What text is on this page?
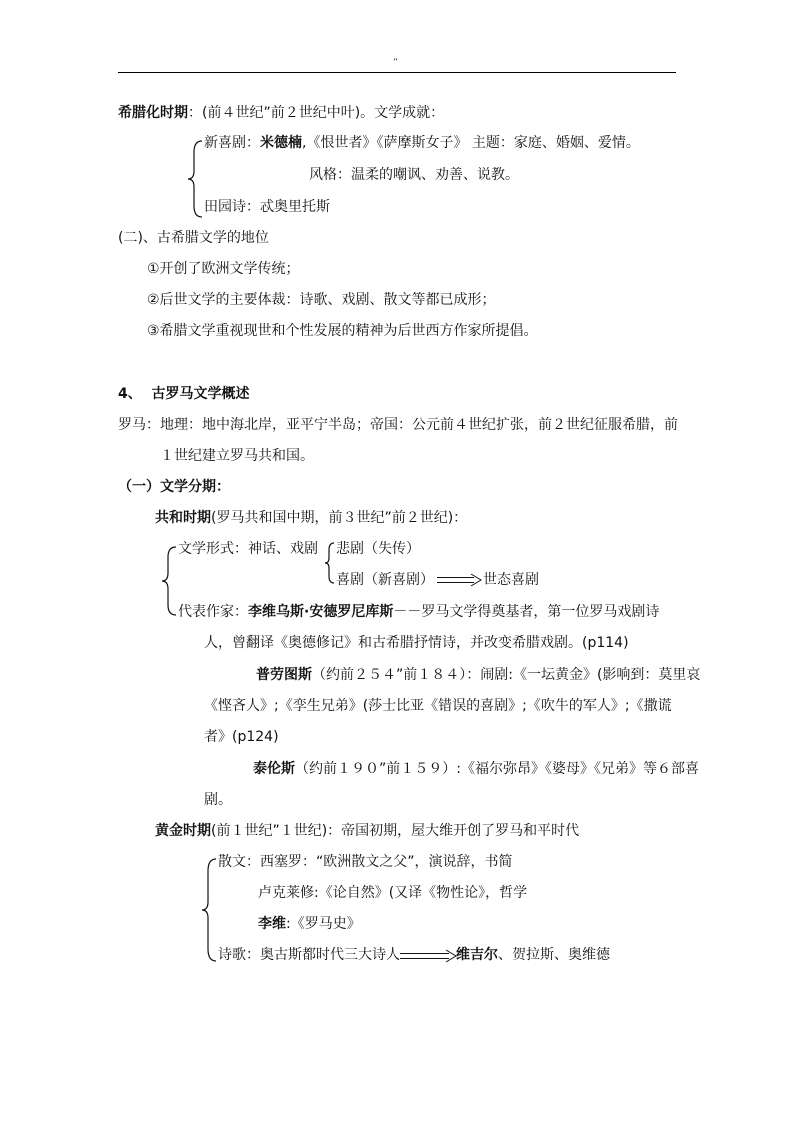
“
希腊化时期：(前４世纪”前２世纪中叶)。文学成就：
新喜剧：米德楠,《恨世者》《萨摩斯女子》 主题：家庭、婚姻、爱情。
风格：温柔的嘲讽、劝善、说教。
田园诗：忒奥里托斯
(二)、古希腊文学的地位
①开创了欧洲文学传统；
②后世文学的主要体裁：诗歌、戏剧、散文等都已成形；
③希腊文学重视现世和个性发展的精神为后世西方作家所提倡。
4、 古罗马文学概述
罗马：地理：地中海北岸，亚平宁半岛；帝国：公元前４世纪扩张，前２世纪征服希腊，前
１世纪建立罗马共和国。
（一）文学分期：
共和时期(罗马共和国中期，前３世纪”前２世纪)：
文学形式：神话、戏剧 悲剧（失传）
喜剧（新喜剧）	世态喜剧
代表作家：李维乌斯·安德罗尼库斯－－罗马文学得奠基者，第一位罗马戏剧诗
人，曾翻译《奥德修记》和古希腊抒情诗，并改变希腊戏剧。(p114)
普劳图斯（约前２５４”前１８４）：闹剧:《一坛黄金》(影响到：莫里哀
《悭吝人》;《孪生兄弟》(莎士比亚《错误的喜剧》;《吹牛的军人》;《撒谎
者》(p124)
泰伦斯（约前１９０”前１５９）:《福尔弥昂》《婆母》《兄弟》等６部喜
剧。
黄金时期(前１世纪”１世纪)：帝国初期，屋大维开创了罗马和平时代
散文：西塞罗：“欧洲散文之父”，演说辞，书简
卢克莱修:《论自然》(又译《物性论》，哲学
李维:《罗马史》
诗歌：奥古斯都时代三大诗人	维吉尔、贺拉斯、奥维德
